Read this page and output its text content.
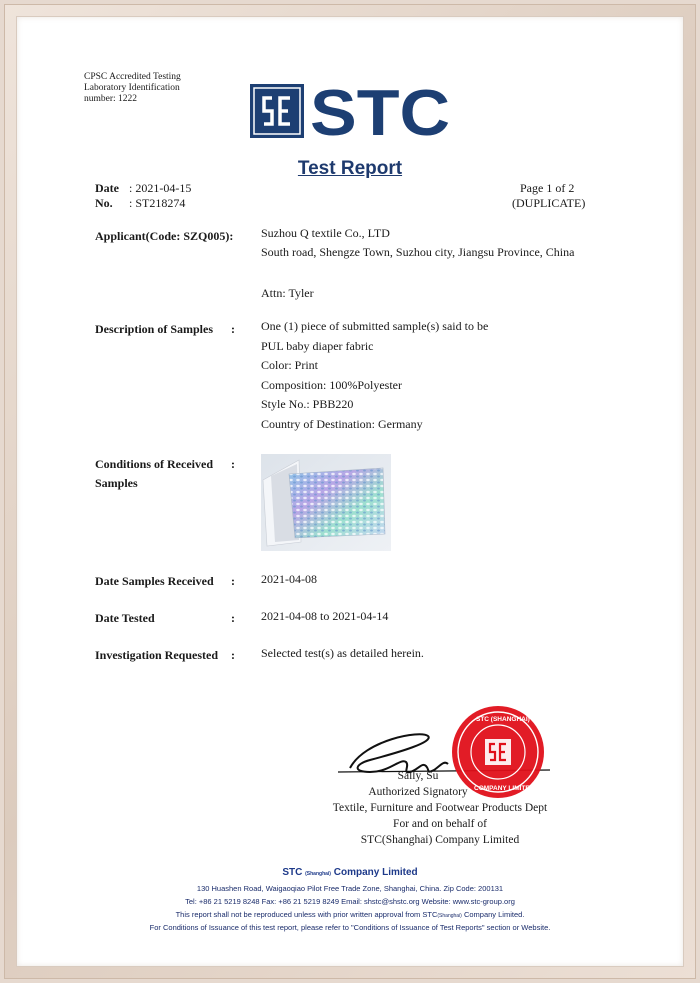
CPSC Accredited Testing
Laboratory Identification
number: 1222	STC
Test Report
Date : 2021-04-15
No. : ST218274
Page 1 of 2
(DUPLICATE)
Applicant(Code: SZQ005): Suzhou Q textile Co., LTD
South road, Shengze Town, Suzhou city, Jiangsu Province, China
Attn: Tyler
Description of Samples : One (1) piece of submitted sample(s) said to be
PUL baby diaper fabric
Color: Print
Composition: 100%Polyester
Style No.: PBB220
Country of Destination: Germany
Conditions of Received
Samples
:
Date Samples Received : 2021-04-08
Date Tested	: 2021-04-08 to 2021-04-14
Investigation Requested : Selected test(s) as detailed herein.
STC (SHANGHAI)
COMPANY LIMITED
Sally, Su
Authorized Signatory
Textile, Furniture and Footwear Products Dept
For and on behalf of
STC(Shanghai) Company Limited
STC (Shanghai) Company Limited
130 Huashen Road, Waigaoqiao Pilot Free Trade Zone, Shanghai, China. Zip Code: 200131
Tel: +86 21 5219 8248 Fax: +86 21 5219 8249 Email: shstc@shstc.org Website: www.stc-group.org
This report shall not be reproduced unless with prior written approval from STC(Shanghai) Company Limited.
For Conditions of Issuance of this test report, please refer to "Conditions of Issuance of Test Reports" section or Website.
